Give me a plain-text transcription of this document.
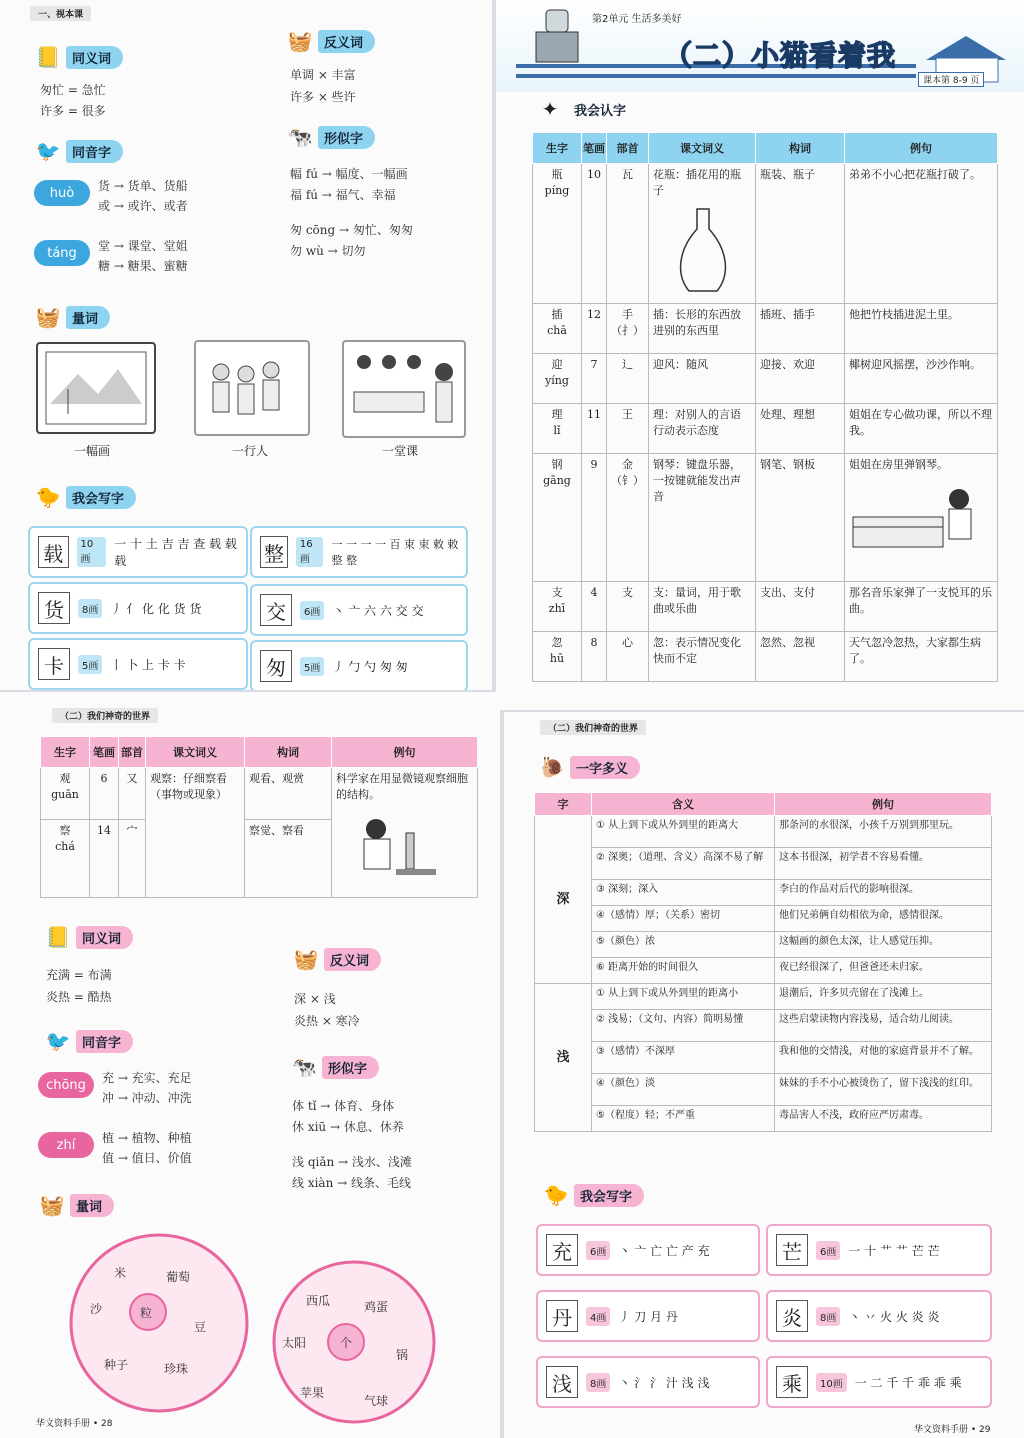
一、视本课
📒 同义词
匆忙 = 急忙
许多 = 很多
🧺 反义词
单调 × 丰富
许多 × 些许
🐦 同音字
huò	货 → 货单、货船
或 → 或许、或者
táng	堂 → 课堂、堂姐
糖 → 糖果、蜜糖
🐄 形似字
幅 fú → 幅度、一幅画
福 fú → 福气、幸福
匆 cōng → 匆忙、匆匆
勿 wù → 切勿
🧺 量词
一幅画	一行人	一堂课
🐤 我会写字
载	10画
一 十 土 吉 吉 查 载 载 载	整	16画
一 一 一 一 百 束 束 敕 敕 整 整
货	8画	丿 亻 化 化 货 货	交	6画	丶 亠 六 六 交 交
卡	5画	丨 卜 上 卡 卡	匆	5画	丿 勹 勺 匆 匆
第2单元 生活多美好
（二）小猫看着我
课本第 8-9 页
✦	我会认字
生字	笔画	部首	课文词义	构词	例句

瓶
píng	10	瓦	花瓶：插花用的瓶子	瓶装、瓶子	弟弟不小心把花瓶打破了。

插
chā	12	手（扌）	插：长形的东西放进别的东西里	插班、插手	他把竹枝插进泥土里。

迎
yíng	7	辶	迎风：随风	迎接、欢迎	椰树迎风摇摆，沙沙作响。

理
lǐ	11	王	理：对别人的言语行动表示态度	处理、理想	姐姐在专心做功课，所以不理我。

钢
gāng	9	金（钅）	钢琴：键盘乐器，一按键就能发出声音	钢笔、钢板	姐姐在房里弹钢琴。

支
zhī	4	支	支：量词，用于歌曲或乐曲	支出、支付	那名音乐家弹了一支悦耳的乐曲。

忽
hū	8	心	忽：表示情况变化快而不定	忽然、忽视	天气忽冷忽热，大家都生病了。
（二）我们神奇的世界
生字	笔画	部首	课文词义	构词	例句

观
guān	6	又	观察：仔细察看（事物或现象）	观看、观赏	科学家在用显微镜观察细胞的结构。

察
chá	14	宀		察觉、察看	
📒 同义词
充满 = 布满
炎热 = 酷热
🧺 反义词
深 × 浅
炎热 × 寒冷
🐦 同音字
chōng	充 → 充实、充足
冲 → 冲动、冲洗
zhí	植 → 植物、种植
值 → 值日、价值
🐄 形似字
体 tǐ → 体育、身体
休 xiū → 休息、休养
浅 qiǎn → 浅水、浅滩
线 xiàn → 线条、毛线
🧺 量词
粒
米	葡萄
沙
豆
种子	珍珠
个
西瓜	鸡蛋
太阳
锅
苹果
气球
华文资料手册 • 28
（二）我们神奇的世界
🐌 一字多义
字	含义	例句
深	① 从上到下或从外到里的距离大	那条河的水很深，小孩千万别到那里玩。
	② 深奥；（道理、含义）高深不易了解	这本书很深，初学者不容易看懂。
	③ 深刻；深入	李白的作品对后代的影响很深。
	④（感情）厚；（关系）密切	他们兄弟俩自幼相依为命，感情很深。
	⑤（颜色）浓	这幅画的颜色太深，让人感觉压抑。
	⑥ 距离开始的时间很久	夜已经很深了，但爸爸还未归家。
浅	① 从上到下或从外到里的距离小	退潮后，许多贝壳留在了浅滩上。
	② 浅易；（文句、内容）简明易懂	这些启蒙读物内容浅易，适合幼儿阅读。
	③（感情）不深厚	我和他的交情浅，对他的家庭背景并不了解。
	④（颜色）淡	妹妹的手不小心被烫伤了，留下浅浅的红印。
	⑤（程度）轻；不严重	毒品害人不浅，政府应严厉肃毒。
🐤 我会写字
充	6画	丶 亠 亡 亡 产 充	芒	6画	一 十 艹 艹 芒 芒
丹	4画	丿 刀 月 丹	炎	8画	丶 丷 火 火 炎 炎
浅	8画	丶 氵 氵 汁 浅 浅	乘	10画	一 二 千 千 乖 乖 乘
华文资料手册 • 29
